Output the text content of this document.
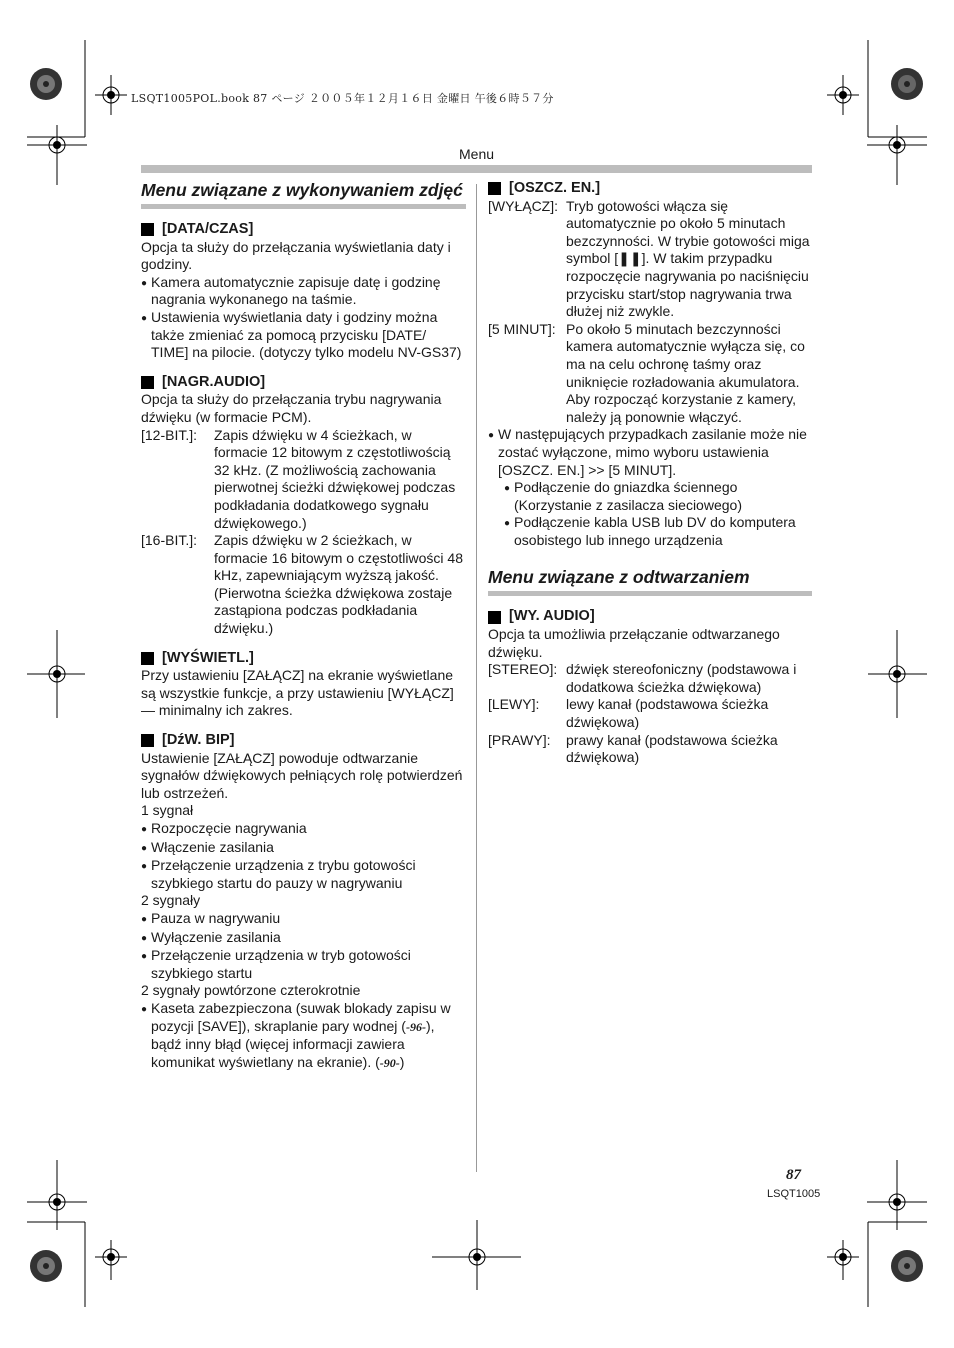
LSQT1005POL.book 87 ページ ２００５年１２月１６日 金曜日 午後６時５７分
Menu
Menu związane z wykonywaniem zdjęć
[DATA/CZAS]

Opcja ta służy do przełączania wyświetlania daty i godziny.

● Kamera automatycznie zapisuje datę i godzinę nagrania wykonanego na taśmie.
● Ustawienia wyświetlania daty i godziny można także zmieniać za pomocą przycisku [DATE/ TIME] na pilocie. (dotyczy tylko modelu NV-GS37)
[NAGR.AUDIO]

Opcja ta służy do przełączania trybu nagrywania dźwięku (w formacie PCM).

[12-BIT.]:	Zapis dźwięku w 4 ścieżkach, w formacie 12 bitowym z częstotliwością 32 kHz. (Z możliwością zachowania pierwotnej ścieżki dźwiękowej podczas podkładania dodatkowego sygnału dźwiękowego.)
[16-BIT.]:	Zapis dźwięku w 2 ścieżkach, w formacie 16 bitowym o częstotliwości 48 kHz, zapewniającym wyższą jakość. (Pierwotna ścieżka dźwiękowa zostaje zastąpiona podczas podkładania dźwięku.)
[WYŚWIETL.]

Przy ustawieniu [ZAŁĄCZ] na ekranie wyświetlane są wszystkie funkcje, a przy ustawieniu [WYŁĄCZ] — minimalny ich zakres.

[DźW. BIP]

Ustawienie [ZAŁĄCZ] powoduje odtwarzanie sygnałów dźwiękowych pełniących rolę potwierdzeń lub ostrzeżeń.

1 sygnał

● Rozpoczęcie nagrywania
● Włączenie zasilania
● Przełączenie urządzenia z trybu gotowości szybkiego startu do pauzy w nagrywaniu

2 sygnały

● Pauza w nagrywaniu
● Wyłączenie zasilania
● Przełączenie urządzenia w tryb gotowości szybkiego startu

2 sygnały powtórzone czterokrotnie

● Kaseta zabezpieczona (suwak blokady zapisu w pozycji [SAVE]), skraplanie pary wodnej (-96-), bądź inny błąd (więcej informacji zawiera komunikat wyświetlany na ekranie). (-90-)
[OSZCZ. EN.]
[WYŁĄCZ]: Tryb gotowości włącza się automatycznie po około 5 minutach bezczynności. W trybie gotowości miga symbol [❚❚]. W takim przypadku rozpoczęcie nagrywania po naciśnięciu przycisku start/stop nagrywania trwa dłużej niż zwykle.
[5 MINUT]: Po około 5 minutach bezczynności kamera automatycznie wyłącza się, co ma na celu ochronę taśmy oraz uniknięcie rozładowania akumulatora. Aby rozpocząć korzystanie z kamery, należy ją ponownie włączyć.
● W następujących przypadkach zasilanie może nie zostać wyłączone, mimo wyboru ustawienia [OSZCZ. EN.] >> [5 MINUT].
● Podłączenie do gniazdka ściennego (Korzystanie z zasilacza sieciowego)
● Podłączenie kabla USB lub DV do komputera osobistego lub innego urządzenia
Menu związane z odtwarzaniem
[WY. AUDIO]

Opcja ta umożliwia przełączanie odtwarzanego dźwięku.

[STEREO]: dźwięk stereofoniczny (podstawowa i dodatkowa ścieżka dźwiękowa)
[LEWY]:	lewy kanał (podstawowa ścieżka dźwiękowa)
[PRAWY]:	prawy kanał (podstawowa ścieżka dźwiękowa)
87
LSQT1005
